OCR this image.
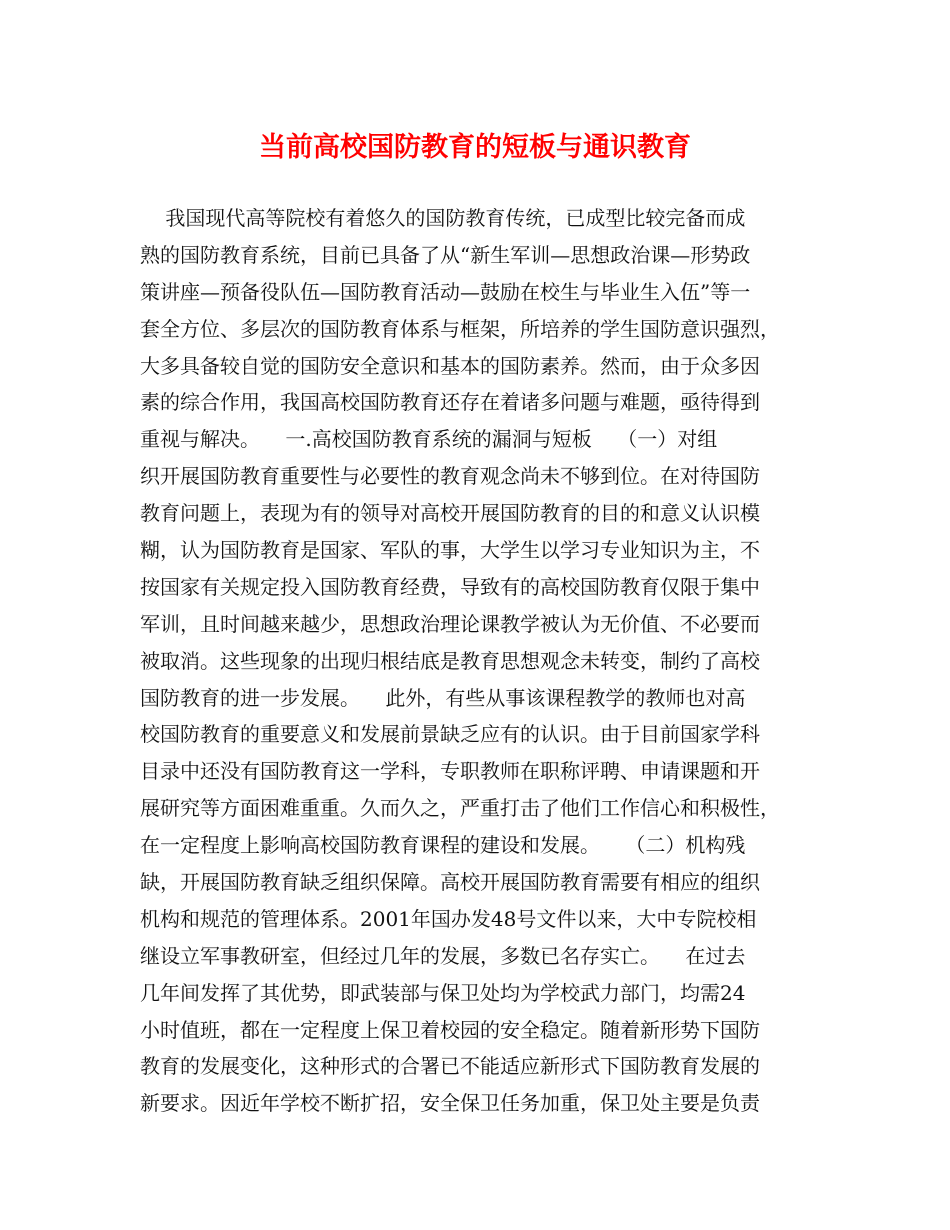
当前高校国防教育的短板与通识教育
我国现代高等院校有着悠久的国防教育传统，已成型比较完备而成
熟的国防教育系统，目前已具备了从“新生军训—思想政治课—形势政
策讲座—预备役队伍—国防教育活动—鼓励在校生与毕业生入伍”等一
套全方位、多层次的国防教育体系与框架，所培养的学生国防意识强烈，
大多具备较自觉的国防安全意识和基本的国防素养。然而，由于众多因
素的综合作用，我国高校国防教育还存在着诸多问题与难题，亟待得到
重视与解决。    一.高校国防教育系统的漏洞与短板    （一）对组
织开展国防教育重要性与必要性的教育观念尚未不够到位。在对待国防
教育问题上，表现为有的领导对高校开展国防教育的目的和意义认识模
糊，认为国防教育是国家、军队的事，大学生以学习专业知识为主，不
按国家有关规定投入国防教育经费，导致有的高校国防教育仅限于集中
军训，且时间越来越少，思想政治理论课教学被认为无价值、不必要而
被取消。这些现象的出现归根结底是教育思想观念未转变，制约了高校
国防教育的进一步发展。    此外，有些从事该课程教学的教师也对高
校国防教育的重要意义和发展前景缺乏应有的认识。由于目前国家学科
目录中还没有国防教育这一学科，专职教师在职称评聘、申请课题和开
展研究等方面困难重重。久而久之，严重打击了他们工作信心和积极性，
在一定程度上影响高校国防教育课程的建设和发展。    （二）机构残
缺，开展国防教育缺乏组织保障。高校开展国防教育需要有相应的组织
机构和规范的管理体系。2001年国办发48号文件以来，大中专院校相
继设立军事教研室，但经过几年的发展，多数已名存实亡。    在过去
几年间发挥了其优势，即武装部与保卫处均为学校武力部门，均需24
小时值班，都在一定程度上保卫着校园的安全稳定。随着新形势下国防
教育的发展变化，这种形式的合署已不能适应新形式下国防教育发展的
新要求。因近年学校不断扩招，安全保卫任务加重，保卫处主要是负责
